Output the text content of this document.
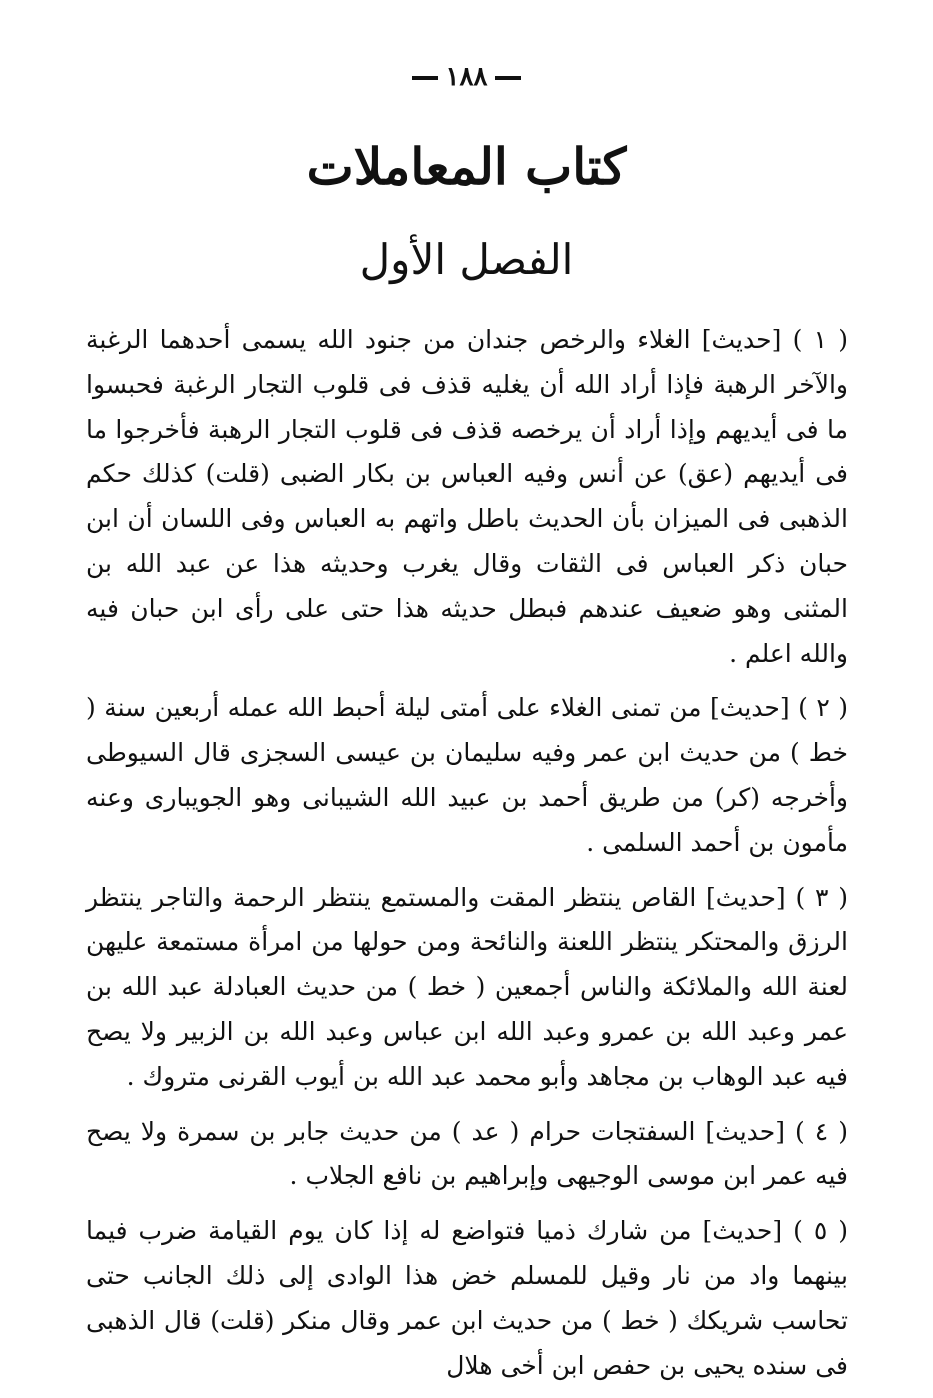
١٨٨
كتاب المعاملات
الفصل الأول

( ١ ) [حديث] الغلاء والرخص جندان من جنود الله يسمى أحدهما الرغبة والآخر الرهبة فإذا أراد الله أن يغليه قذف فى قلوب التجار الرغبة فحبسوا ما فى أيديهم وإذا أراد أن يرخصه قذف فى قلوب التجار الرهبة فأخرجوا ما فى أيديهم (عق) عن أنس وفيه العباس بن بكار الضبى (قلت) كذلك حكم الذهبى فى الميزان بأن الحديث باطل واتهم به العباس وفى اللسان أن ابن حبان ذكر العباس فى الثقات وقال يغرب وحديثه هذا عن عبد الله بن المثنى وهو ضعيف عندهم فبطل حديثه هذا حتى على رأى ابن حبان فيه والله اعلم .

( ٢ ) [حديث] من تمنى الغلاء على أمتى ليلة أحبط الله عمله أربعين سنة ( خط ) من حديث ابن عمر وفيه سليمان بن عيسى السجزى قال السيوطى وأخرجه (كر) من طريق أحمد بن عبيد الله الشيبانى وهو الجويبارى وعنه مأمون بن أحمد السلمى .

( ٣ ) [حديث] القاص ينتظر المقت والمستمع ينتظر الرحمة والتاجر ينتظر الرزق والمحتكر ينتظر اللعنة والنائحة ومن حولها من امرأة مستمعة عليهن لعنة الله والملائكة والناس أجمعين ( خط ) من حديث العبادلة عبد الله بن عمر وعبد الله بن عمرو وعبد الله ابن عباس وعبد الله بن الزبير ولا يصح فيه عبد الوهاب بن مجاهد وأبو محمد عبد الله بن أيوب القرنى متروك .

( ٤ ) [حديث] السفتجات حرام ( عد ) من حديث جابر بن سمرة ولا يصح فيه عمر ابن موسى الوجيهى وإبراهيم بن نافع الجلاب .

( ٥ ) [حديث] من شارك ذميا فتواضع له إذا كان يوم القيامة ضرب فيما بينهما واد من نار وقيل للمسلم خض هذا الوادى إلى ذلك الجانب حتى تحاسب شريكك ( خط ) من حديث ابن عمر وقال منكر (قلت) قال الذهبى فى سنده يحيى بن حفص ابن أخى هلال
